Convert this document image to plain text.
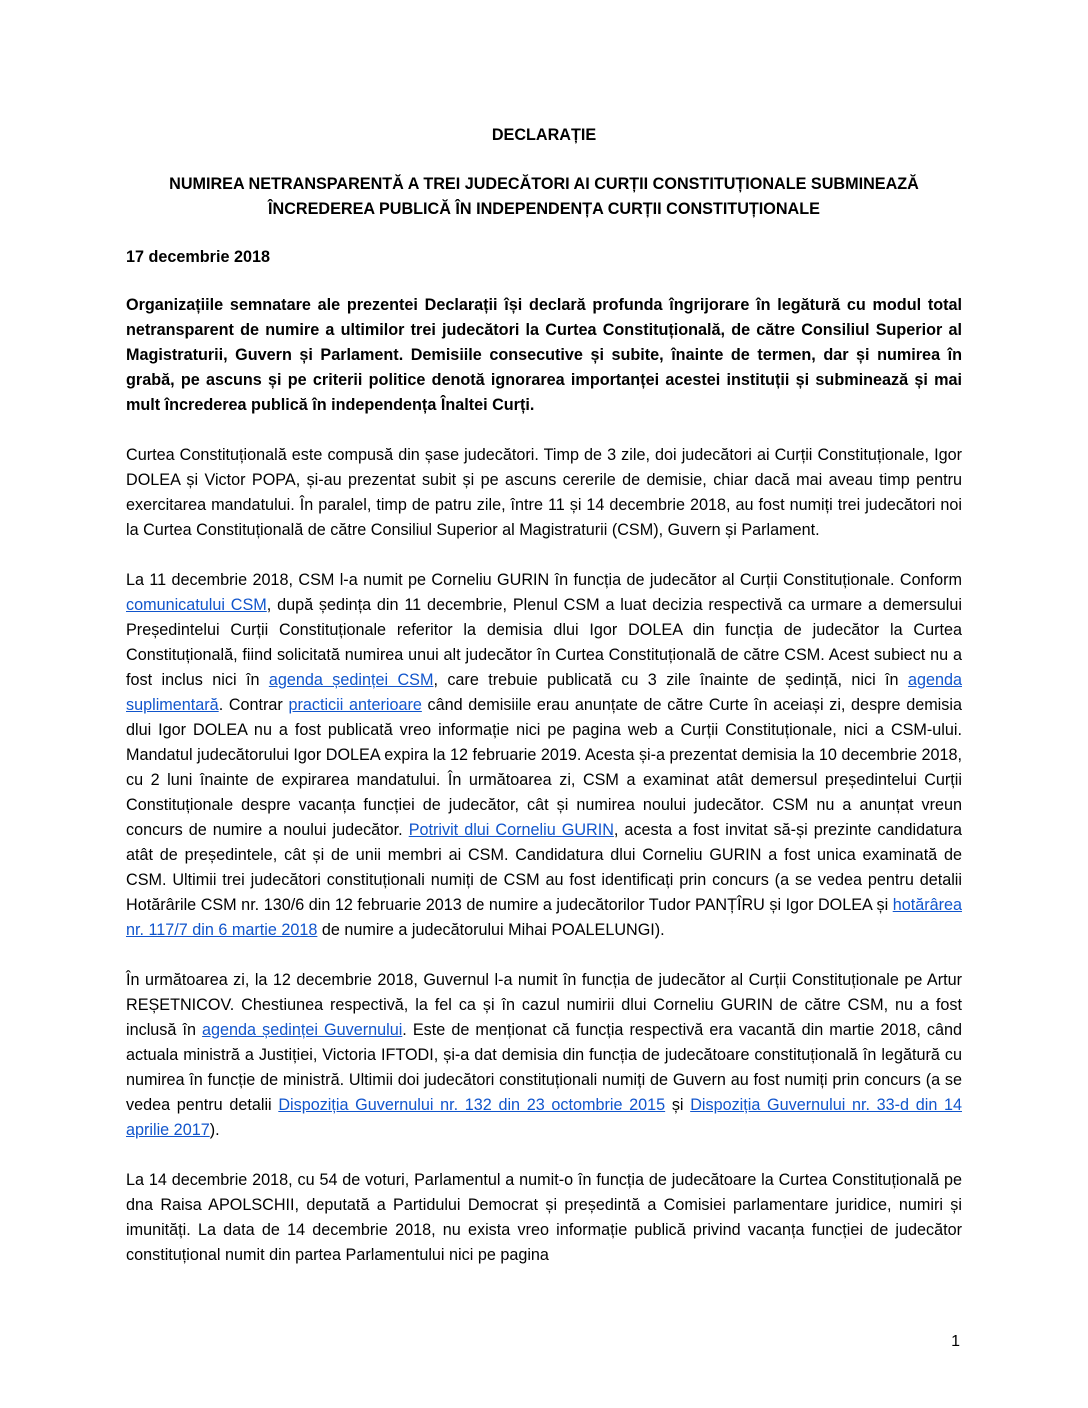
DECLARAȚIE
NUMIREA NETRANSPARENTĂ A TREI JUDECĂTORI AI CURȚII CONSTITUȚIONALE SUBMINEAZĂ ÎNCREDEREA PUBLICĂ ÎN INDEPENDENȚA CURȚII CONSTITUȚIONALE
17 decembrie 2018

Organizațiile semnatare ale prezentei Declarații își declară profunda îngrijorare în legătură cu modul total netransparent de numire a ultimilor trei judecători la Curtea Constituțională, de către Consiliul Superior al Magistraturii, Guvern și Parlament. Demisiile consecutive și subite, înainte de termen, dar și numirea în grabă, pe ascuns și pe criterii politice denotă ignorarea importanței acestei instituții și subminează și mai mult încrederea publică în independența Înaltei Curți.

Curtea Constituțională este compusă din șase judecători. Timp de 3 zile, doi judecători ai Curții Constituționale, Igor DOLEA și Victor POPA, și-au prezentat subit și pe ascuns cererile de demisie, chiar dacă mai aveau timp pentru exercitarea mandatului. În paralel, timp de patru zile, între 11 și 14 decembrie 2018, au fost numiți trei judecători noi la Curtea Constituțională de către Consiliul Superior al Magistraturii (CSM), Guvern și Parlament.

La 11 decembrie 2018, CSM l-a numit pe Corneliu GURIN în funcția de judecător al Curții Constituționale. Conform comunicatului CSM, după ședința din 11 decembrie, Plenul CSM a luat decizia respectivă ca urmare a demersului Președintelui Curții Constituționale referitor la demisia dlui Igor DOLEA din funcția de judecător la Curtea Constituțională, fiind solicitată numirea unui alt judecător în Curtea Constituțională de către CSM. Acest subiect nu a fost inclus nici în agenda ședinței CSM, care trebuie publicată cu 3 zile înainte de ședință, nici în agenda suplimentară. Contrar practicii anterioare când demisiile erau anunțate de către Curte în aceiași zi, despre demisia dlui Igor DOLEA nu a fost publicată vreo informație nici pe pagina web a Curții Constituționale, nici a CSM-ului. Mandatul judecătorului Igor DOLEA expira la 12 februarie 2019. Acesta și-a prezentat demisia la 10 decembrie 2018, cu 2 luni înainte de expirarea mandatului. În următoarea zi, CSM a examinat atât demersul președintelui Curții Constituționale despre vacanța funcției de judecător, cât și numirea noului judecător. CSM nu a anunțat vreun concurs de numire a noului judecător. Potrivit dlui Corneliu GURIN, acesta a fost invitat să-și prezinte candidatura atât de președintele, cât și de unii membri ai CSM. Candidatura dlui Corneliu GURIN a fost unica examinată de CSM. Ultimii trei judecători constituționali numiți de CSM au fost identificați prin concurs (a se vedea pentru detalii Hotărârile CSM nr. 130/6 din 12 februarie 2013 de numire a judecătorilor Tudor PANȚÎRU și Igor DOLEA și hotărârea nr. 117/7 din 6 martie 2018 de numire a judecătorului Mihai POALELUNGI).

În următoarea zi, la 12 decembrie 2018, Guvernul l-a numit în funcția de judecător al Curții Constituționale pe Artur REȘETNICOV. Chestiunea respectivă, la fel ca și în cazul numirii dlui Corneliu GURIN de către CSM, nu a fost inclusă în agenda ședinței Guvernului. Este de menționat că funcția respectivă era vacantă din martie 2018, când actuala ministră a Justiției, Victoria IFTODI, și-a dat demisia din funcția de judecătoare constituțională în legătură cu numirea în funcție de ministră. Ultimii doi judecători constituționali numiți de Guvern au fost numiți prin concurs (a se vedea pentru detalii Dispoziția Guvernului nr. 132 din 23 octombrie 2015 și Dispoziția Guvernului nr. 33-d din 14 aprilie 2017).

La 14 decembrie 2018, cu 54 de voturi, Parlamentul a numit-o în funcția de judecătoare la Curtea Constituțională pe dna Raisa APOLSCHII, deputată a Partidului Democrat și președintă a Comisiei parlamentare juridice, numiri și imunități. La data de 14 decembrie 2018, nu exista vreo informație publică privind vacanța funcției de judecător constituțional numit din partea Parlamentului nici pe pagina

1
